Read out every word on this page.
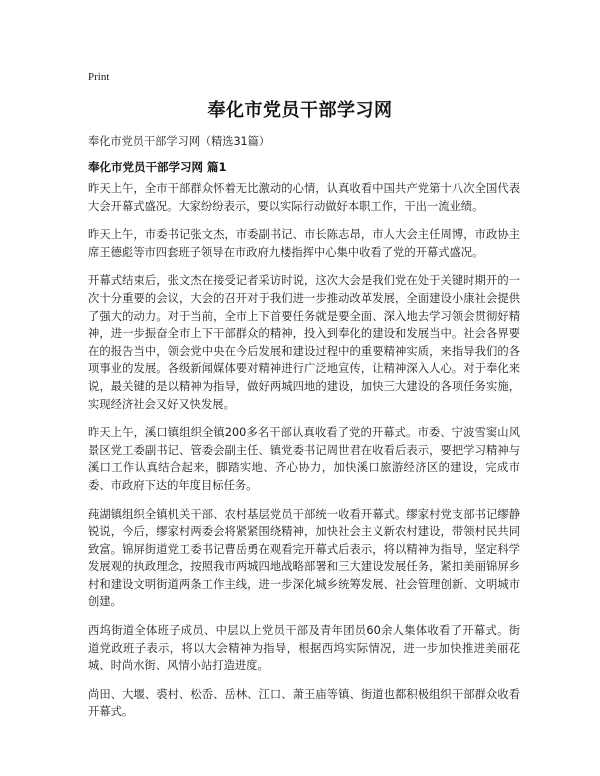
Print
奉化市党员干部学习网
奉化市党员干部学习网（精选31篇）
奉化市党员干部学习网 篇1

昨天上午，全市干部群众怀着无比激动的心情，认真收看中国共产党第十八次全国代表大会开幕式盛况。大家纷纷表示，要以实际行动做好本职工作，干出一流业绩。

昨天上午，市委书记张文杰，市委副书记、市长陈志昂，市人大会主任周博，市政协主席王德彪等市四套班子领导在市政府九楼指挥中心集中收看了党的开幕式盛况。

开幕式结束后，张文杰在接受记者采访时说，这次大会是我们党在处于关键时期开的一次十分重要的会议，大会的召开对于我们进一步推动改革发展，全面建设小康社会提供了强大的动力。对于当前，全市上下首要任务就是要全面、深入地去学习领会贯彻好精神，进一步振奋全市上下干部群众的精神，投入到奉化的建设和发展当中。社会各界要在的报告当中，领会党中央在今后发展和建设过程中的重要精神实质，来指导我们的各项事业的发展。各级新闻媒体要对精神进行广泛地宣传，让精神深入人心。对于奉化来说，最关键的是以精神为指导，做好两城四地的建设，加快三大建设的各项任务实施，实现经济社会又好又快发展。

昨天上午，溪口镇组织全镇200多名干部认真收看了党的开幕式。市委、宁波雪窦山风景区党工委副书记、管委会副主任、镇党委书记周世君在收看后表示，要把学习精神与溪口工作认真结合起来，脚踏实地、齐心协力，加快溪口旅游经济区的建设，完成市委、市政府下达的年度目标任务。

莼湖镇组织全镇机关干部、农村基层党员干部统一收看开幕式。缪家村党支部书记缪静锐说，今后，缪家村两委会将紧紧围绕精神，加快社会主义新农村建设，带领村民共同致富。锦屏街道党工委书记曹岳勇在观看完开幕式后表示，将以精神为指导，坚定科学发展观的执政理念，按照我市两城四地战略部署和三大建设发展任务，紧扣美丽锦屏乡村和建设文明街道两条工作主线，进一步深化城乡统筹发展、社会管理创新、文明城市创建。

西坞街道全体班子成员、中层以上党员干部及青年团员60余人集体收看了开幕式。街道党政班子表示，将以大会精神为指导，根据西坞实际情况，进一步加快推进美丽花城、时尚水街、风情小站打造进度。

尚田、大堰、裘村、松岙、岳林、江口、萧王庙等镇、街道也都积极组织干部群众收看开幕式。
